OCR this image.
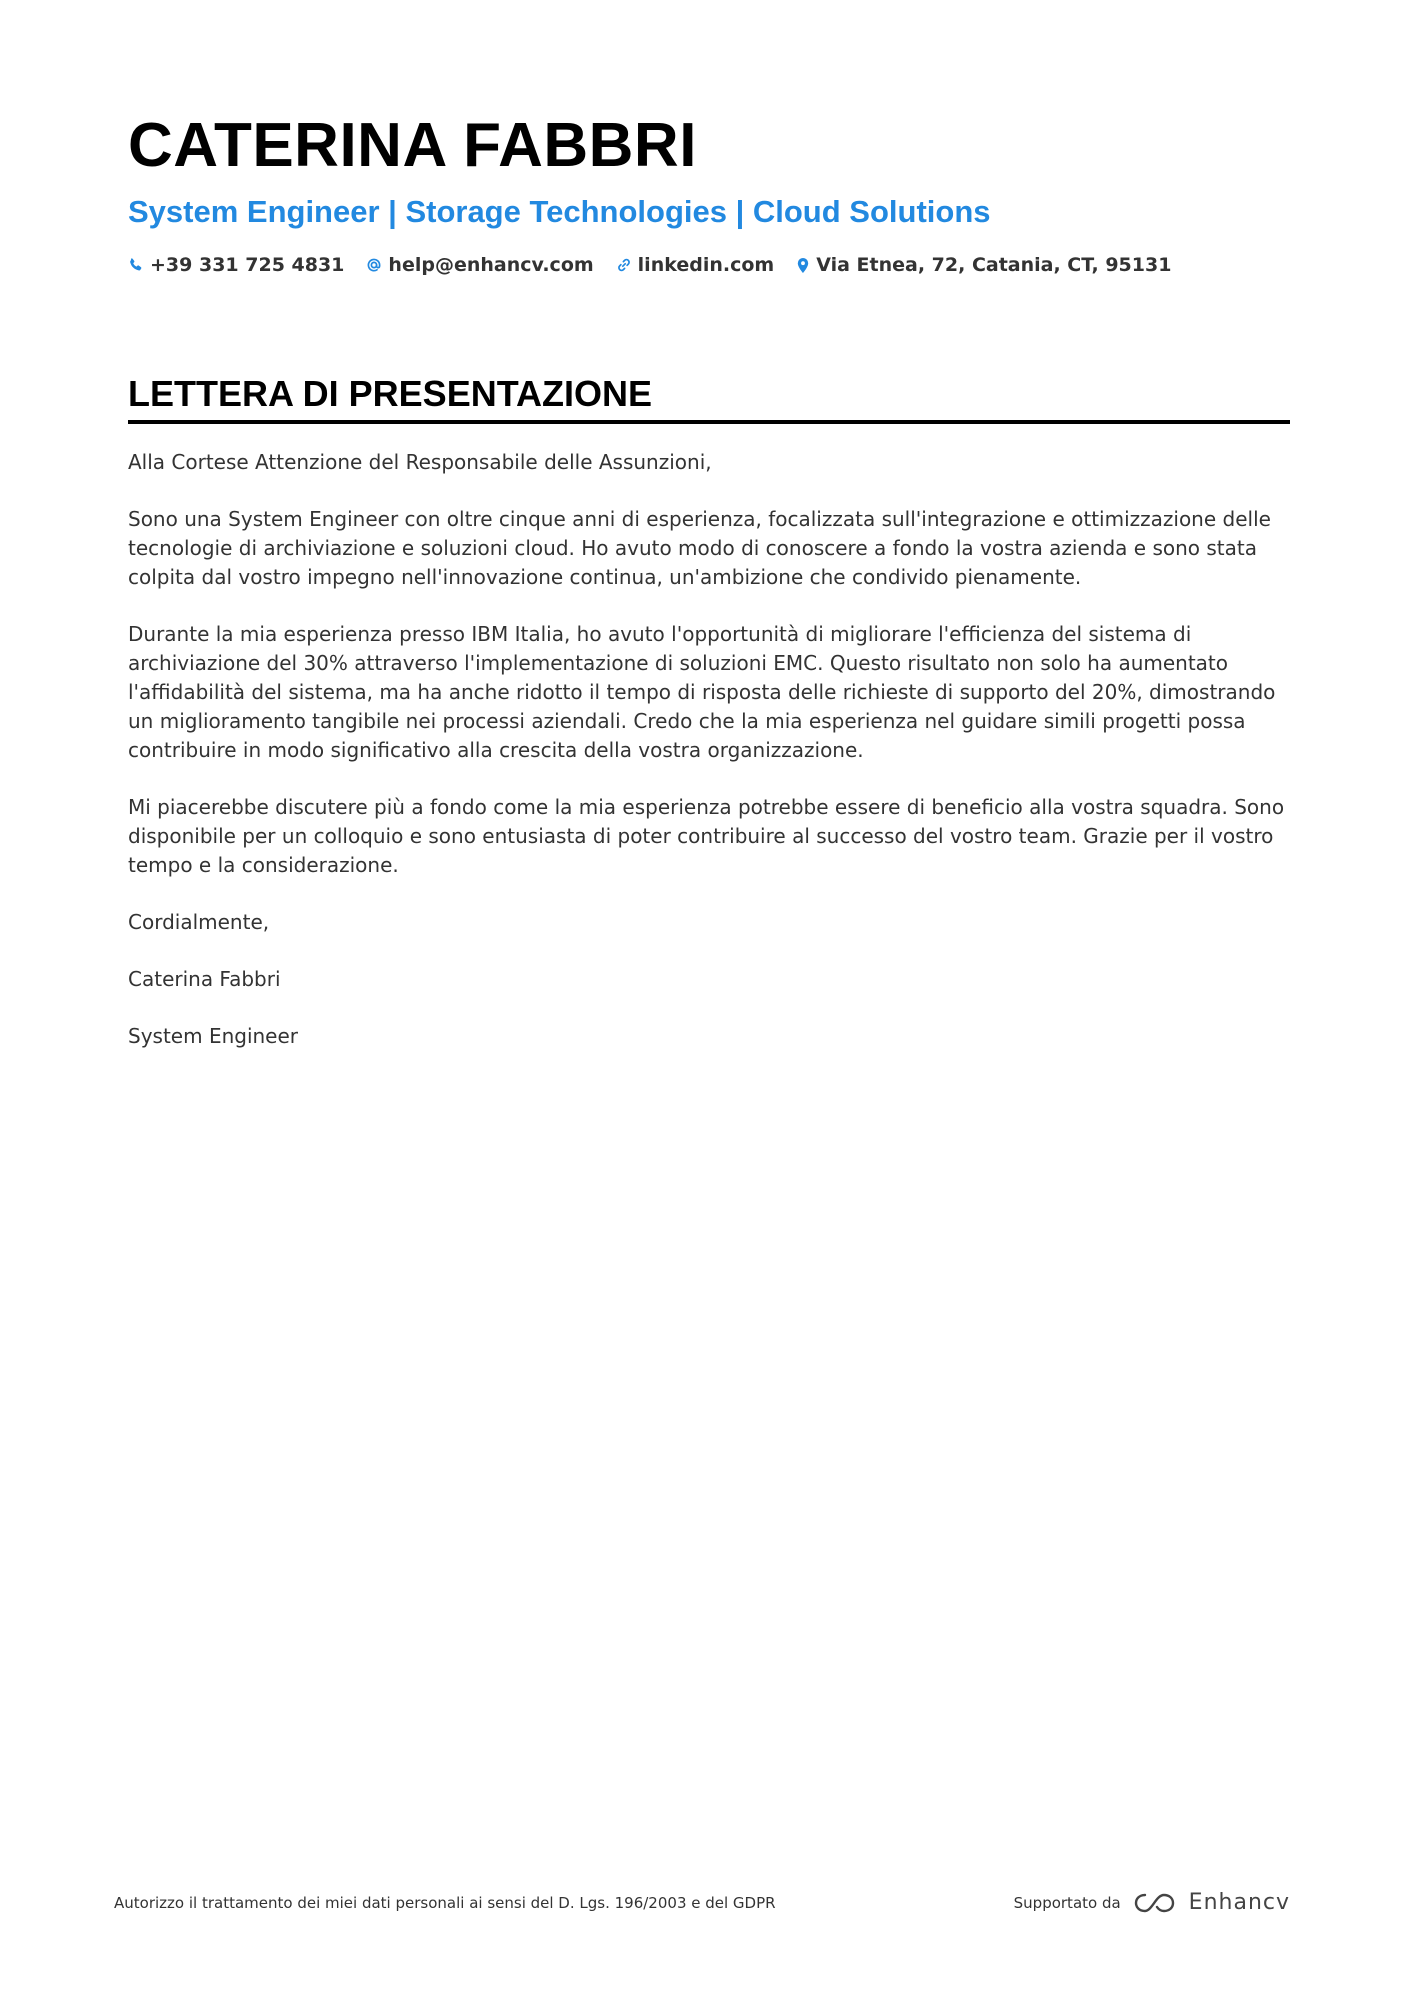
CATERINA FABBRI
System Engineer | Storage Technologies | Cloud Solutions
+39 331 725 4831 help@enhancv.com linkedin.com Via Etnea, 72, Catania, CT, 95131
LETTERA DI PRESENTAZIONE

Alla Cortese Attenzione del Responsabile delle Assunzioni,

Sono una System Engineer con oltre cinque anni di esperienza, focalizzata sull'integrazione e ottimizzazione delle tecnologie di archiviazione e soluzioni cloud. Ho avuto modo di conoscere a fondo la vostra azienda e sono stata colpita dal vostro impegno nell'innovazione continua, un'ambizione che condivido pienamente.

Durante la mia esperienza presso IBM Italia, ho avuto l'opportunità di migliorare l'efficienza del sistema di archiviazione del 30% attraverso l'implementazione di soluzioni EMC. Questo risultato non solo ha aumentato l'affidabilità del sistema, ma ha anche ridotto il tempo di risposta delle richieste di supporto del 20%, dimostrando un miglioramento tangibile nei processi aziendali. Credo che la mia esperienza nel guidare simili progetti possa contribuire in modo significativo alla crescita della vostra organizzazione.

Mi piacerebbe discutere più a fondo come la mia esperienza potrebbe essere di beneficio alla vostra squadra. Sono disponibile per un colloquio e sono entusiasta di poter contribuire al successo del vostro team. Grazie per il vostro tempo e la considerazione.

Cordialmente,

Caterina Fabbri

System Engineer

Autorizzo il trattamento dei miei dati personali ai sensi del D. Lgs. 196/2003 e del GDPR	Supportato da	Enhancv
